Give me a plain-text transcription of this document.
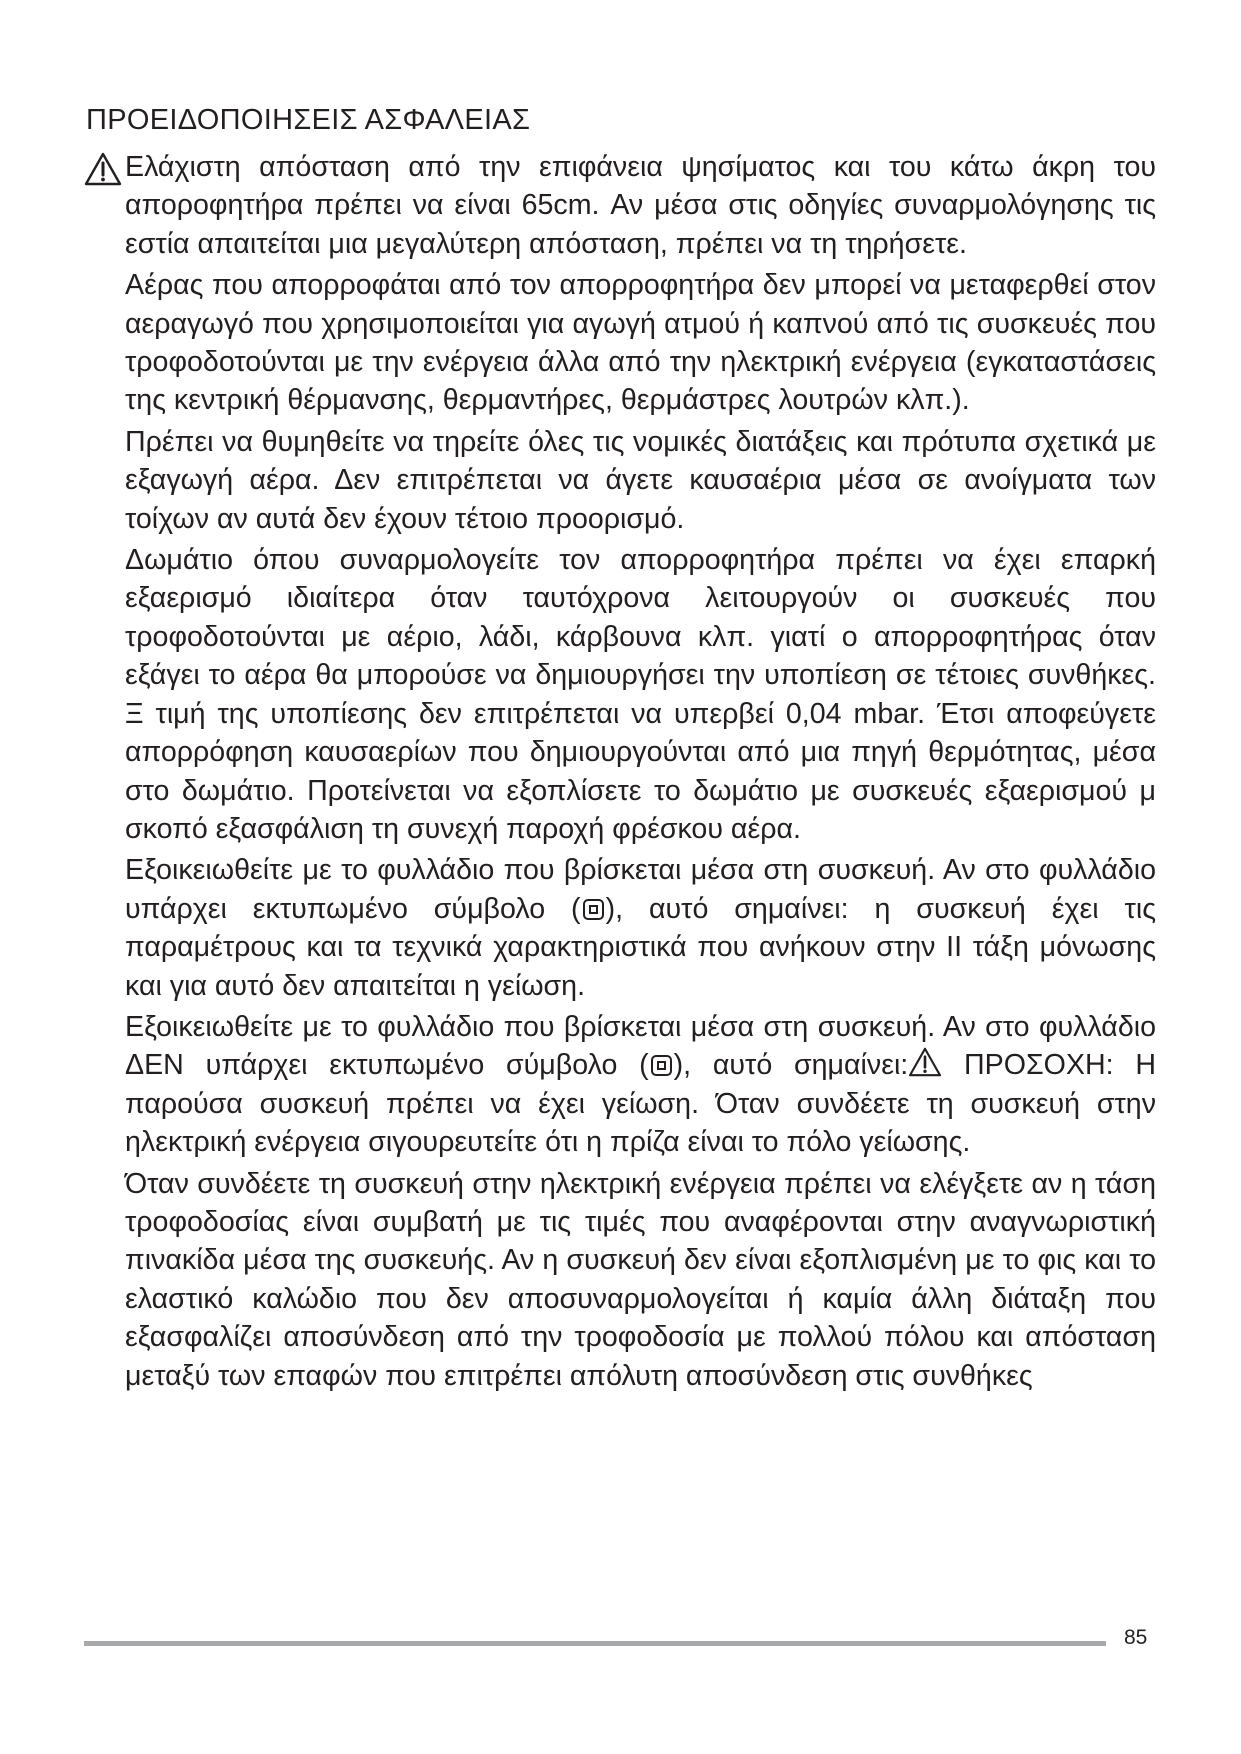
ΠΡΟΕΙΔΟΠΟΙΗΣΕΙΣ ΑΣΦΑΛΕΙΑΣ

Ελάχιστη απόσταση από την επιφάνεια ψησίματος και του κάτω άκρη του αποροφητήρα πρέπει να είναι 65cm. Αν μέσα στις οδηγίες συναρμολόγησης τις εστία απαιτείται μια μεγαλύτερη απόσταση, πρέπει να τη τηρήσετε.

Αέρας που απορροφάται από τον απορροφητήρα δεν μπορεί να μεταφερθεί στον αεραγωγό που χρησιμοποιείται για αγωγή ατμού ή καπνού από τις συσκευές που τροφοδοτούνται με την ενέργεια άλλα από την ηλεκτρική ενέργεια (εγκαταστάσεις της κεντρική θέρμανσης, θερμαντήρες, θερμάστρες λουτρών κλπ.).

Πρέπει να θυμηθείτε να τηρείτε όλες τις νομικές διατάξεις και πρότυπα σχετικά με εξαγωγή αέρα. Δεν επιτρέπεται να άγετε καυσαέρια μέσα σε ανοίγματα των τοίχων αν αυτά δεν έχουν τέτοιο προορισμό.

Δωμάτιο όπου συναρμολογείτε τον απορροφητήρα πρέπει να έχει επαρκή εξαερισμό ιδιαίτερα όταν ταυτόχρονα λειτουργούν οι συσκευές που τροφοδοτούνται με αέριο, λάδι, κάρβουνα κλπ. γιατί ο απορροφητήρας όταν εξάγει το αέρα θα μπορούσε να δημιουργήσει την υποπίεση σε τέτοιες συνθήκες. Ξ τιμή της υποπίεσης δεν επιτρέπεται να υπερβεί 0,04 mbar. Έτσι αποφεύγετε απορρόφηση καυσαερίων που δημιουργούνται από μια πηγή θερμότητας, μέσα στο δωμάτιο. Προτείνεται να εξοπλίσετε το δωμάτιο με συσκευές εξαερισμού μ σκοπό εξασφάλιση τη συνεχή παροχή φρέσκου αέρα.

Εξοικειωθείτε με το φυλλάδιο που βρίσκεται μέσα στη συσκευή. Αν στο φυλλάδιο υπάρχει εκτυπωμένο σύμβολο ( ), αυτό σημαίνει: η συσκευή έχει τις παραμέτρους και τα τεχνικά χαρακτηριστικά που ανήκουν στην II τάξη μόνωσης και για αυτό δεν απαιτείται η γείωση.

Εξοικειωθείτε με το φυλλάδιο που βρίσκεται μέσα στη συσκευή. Αν στο φυλλάδιο ΔΕΝ υπάρχει εκτυπωμένο σύμβολο ( ), αυτό σημαίνει: ΠΡΟΣΟΧΗ: Η παρούσα συσκευή πρέπει να έχει γείωση. Όταν συνδέετε τη συσκευή στην ηλεκτρική ενέργεια σιγουρευτείτε ότι η πρίζα είναι το πόλο γείωσης.

Όταν συνδέετε τη συσκευή στην ηλεκτρική ενέργεια πρέπει να ελέγξετε αν η τάση τροφοδοσίας είναι συμβατή με τις τιμές που αναφέρονται στην αναγνωριστική πινακίδα μέσα της συσκευής. Αν η συσκευή δεν είναι εξοπλισμένη με το φις και το ελαστικό καλώδιο που δεν αποσυναρμολογείται ή καμία άλλη διάταξη που εξασφαλίζει αποσύνδεση από την τροφοδοσία με πολλού πόλου και απόσταση μεταξύ των επαφών που επιτρέπει απόλυτη αποσύνδεση στις συνθήκες

85
